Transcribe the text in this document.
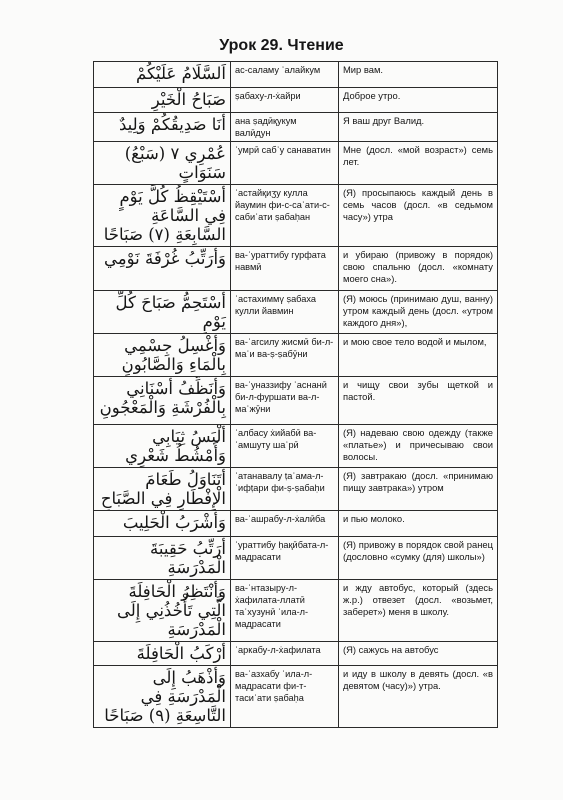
Урок 29. Чтение
اَلسَّلَامُ عَلَيْكُمْ	ас-саламу ʿалайкум	Мир вам.
صَبَاحُ الْخَيْرِ	ṣабаху-л-ẋайри	Доброе утро.
أَنَا صَدِيقُكُمْ وَلِيدٌ	ана ṣадӣқукум валӣдун	Я ваш друг Валид.
عُمْرِي ٧ (سَبْعُ) سَنَوَاتٍ	ʿумрӣ сабʿу санаватин	Мне (досл. «мой возраст») семь лет.
أَسْتَيْقِظُ كُلَّ يَوْمٍ فِي السَّاعَةِ السَّابِعَةِ (٧) صَبَاحًا	ʾастайқиӡу кулла йаумин фи-с-саʿати-с-сабиʿати ṣабаḥан	(Я) просыпаюсь каждый день в семь часов (досл. «в седьмом часу») утра
وَأُرَتِّبُ غُرْفَةَ نَوْمِي	ва-ʾураттибу гурфата навмӣ	и убираю (привожу в порядок) свою спальню (досл. «комнату моего сна»).
أَسْتَحِمُّ صَبَاحَ كُلِّ يَوْمٍ	ʾастахиммү ṣабаха кулли йавмин	(Я) моюсь (принимаю душ, ванну) утром каждый день (досл. «утром каждого дня»),
وَأَغْسِلُ جِسْمِي بِالْمَاءِ وَالصَّابُونِ	ва-ʾагсилу жисмӣ би-л-маʾи ва-ṣ-ṣабӯни	и мою свое тело водой и мылом,
وَأُنَظِّفُ أَسْنَانِي بِالْفُرْشَةِ وَالْمَعْجُونِ	ва-ʾуназзифу ʾаснанӣ би-л-фуршати ва-л-маʿжӯни	и чищу свои зубы щеткой и пастой.
أَلْبَسُ ثِيَابِي وَأَمْشُطُ شَعْرِي	ʾалбасу ẋийабӣ ва-ʾамшуту шаʿрӣ	(Я) надеваю свою одежду (также «платье») и причесываю свои волосы.
أَتَنَاوَلُ طَعَامَ الْإِفْطَارِ فِي الصَّبَاحِ	ʾатанавалу ṭаʿама-л-ʾифṭари фи-ṣ-ṣабаḥи	(Я) завтракаю (досл. «принимаю пищу завтрака») утром
وَأَشْرَبُ الْحَلِيبَ	ва-ʾашрабу-л-ẋалӣба	и пью молоко.
أُرَتِّبُ حَقِيبَةَ الْمَدْرَسَةِ	ʾураттибу ḥақӣбата-л-мадрасати	(Я) привожу в порядок свой ранец (дословно «сумку (для) школы»)
وَأَنْتَظِرُ الْحَافِلَةَ الَّتِي تَأْخُذُنِي إِلَى الْمَدْرَسَةِ	ва-ʾнтазыру-л-ẋафилата-ллатӣ таʾхузунӣ ʾила-л-мадрасати	и жду автобус, который (здесь ж.р.) отвезет (досл. «возьмет, заберет») меня в школу.
أَرْكَبُ الْحَافِلَةَ	ʾаркабу-л-ẋафилата	(Я) сажусь на автобус
وَأَذْهَبُ إِلَى الْمَدْرَسَةِ فِي التَّاسِعَةِ (٩) صَبَاحًا	ва-ʾазхабу ʾила-л-мадрасати фи-т-тасиʿати ṣабаḥа	и иду в школу в девять (досл. «в девятом (часу)») утра.
